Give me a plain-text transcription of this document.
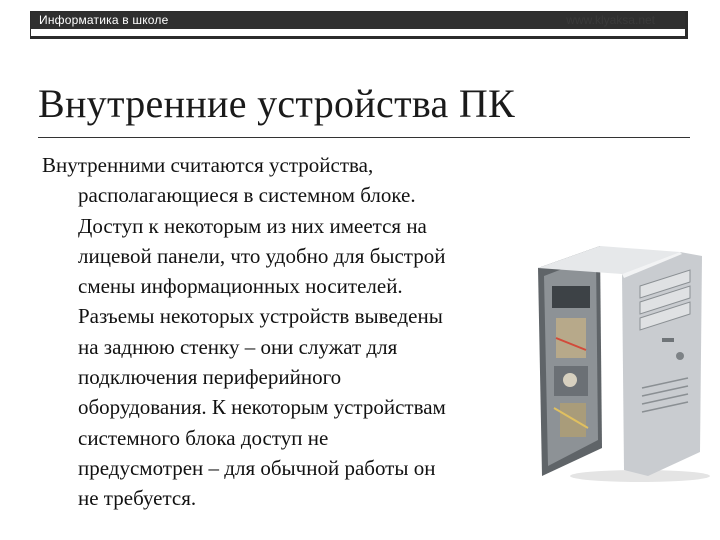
Информатика в школе	www.klyaksa.net
Внутренние устройства ПК
Внутренними считаются устройства,
располагающиеся в системном блоке.
Доступ к некоторым из них имеется на
лицевой панели, что удобно для быстрой
смены информационных носителей.
Разъемы некоторых устройств выведены
на заднюю стенку – они служат для
подключения периферийного
оборудования. К некоторым устройствам
системного блока доступ не
предусмотрен – для обычной работы он
не требуется.
